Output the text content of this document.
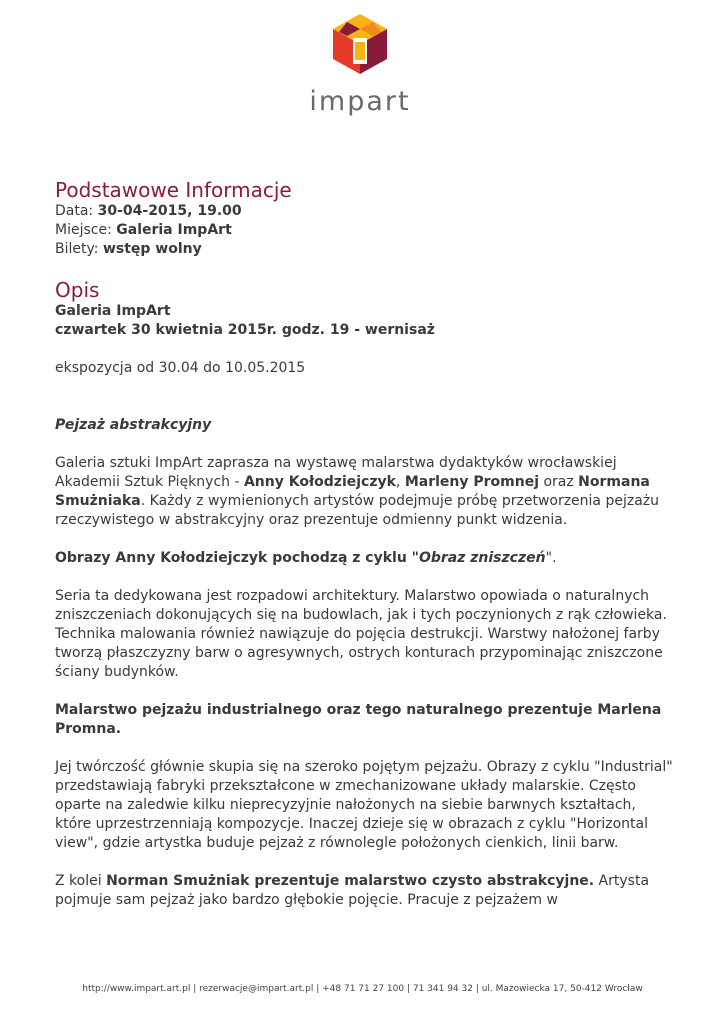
impart
Podstawowe Informacje

Data: 30-04-2015, 19.00

Miejsce: Galeria ImpArt

Bilety: wstęp wolny

Opis

Galeria ImpArt

czwartek 30 kwietnia 2015r. godz. 19 - wernisaż

ekspozycja od 30.04 do 10.05.2015

Pejzaż abstrakcyjny

Galeria sztuki ImpArt zaprasza na wystawę malarstwa dydaktyków wrocławskiej Akademii Sztuk Pięknych - Anny Kołodziejczyk, Marleny Promnej oraz Normana Smużniaka. Każdy z wymienionych artystów podejmuje próbę przetworzenia pejzażu rzeczywistego w abstrakcyjny oraz prezentuje odmienny punkt widzenia.

Obrazy Anny Kołodziejczyk pochodzą z cyklu "Obraz zniszczeń".

Seria ta dedykowana jest rozpadowi architektury. Malarstwo opowiada o naturalnych zniszczeniach dokonujących się na budowlach, jak i tych poczynionych z rąk człowieka. Technika malowania również nawiązuje do pojęcia destrukcji. Warstwy nałożonej farby tworzą płaszczyzny barw o agresywnych, ostrych konturach przypominając zniszczone ściany budynków.

Malarstwo pejzażu industrialnego oraz tego naturalnego prezentuje Marlena Promna.

Jej twórczość głównie skupia się na szeroko pojętym pejzażu. Obrazy z cyklu "Industrial" przedstawiają fabryki przekształcone w zmechanizowane układy malarskie. Często oparte na zaledwie kilku nieprecyzyjnie nałożonych na siebie barwnych kształtach, które uprzestrzenniają kompozycje. Inaczej dzieje się w obrazach z cyklu "Horizontal view", gdzie artystka buduje pejzaż z równolegle położonych cienkich, linii barw.

Z kolei Norman Smużniak prezentuje malarstwo czysto abstrakcyjne. Artysta pojmuje sam pejzaż jako bardzo głębokie pojęcie. Pracuje z pejzażem w

http://www.impart.art.pl | rezerwacje@impart.art.pl | +48 71 71 27 100 | 71 341 94 32 | ul. Mazowiecka 17, 50-412 Wrocław
